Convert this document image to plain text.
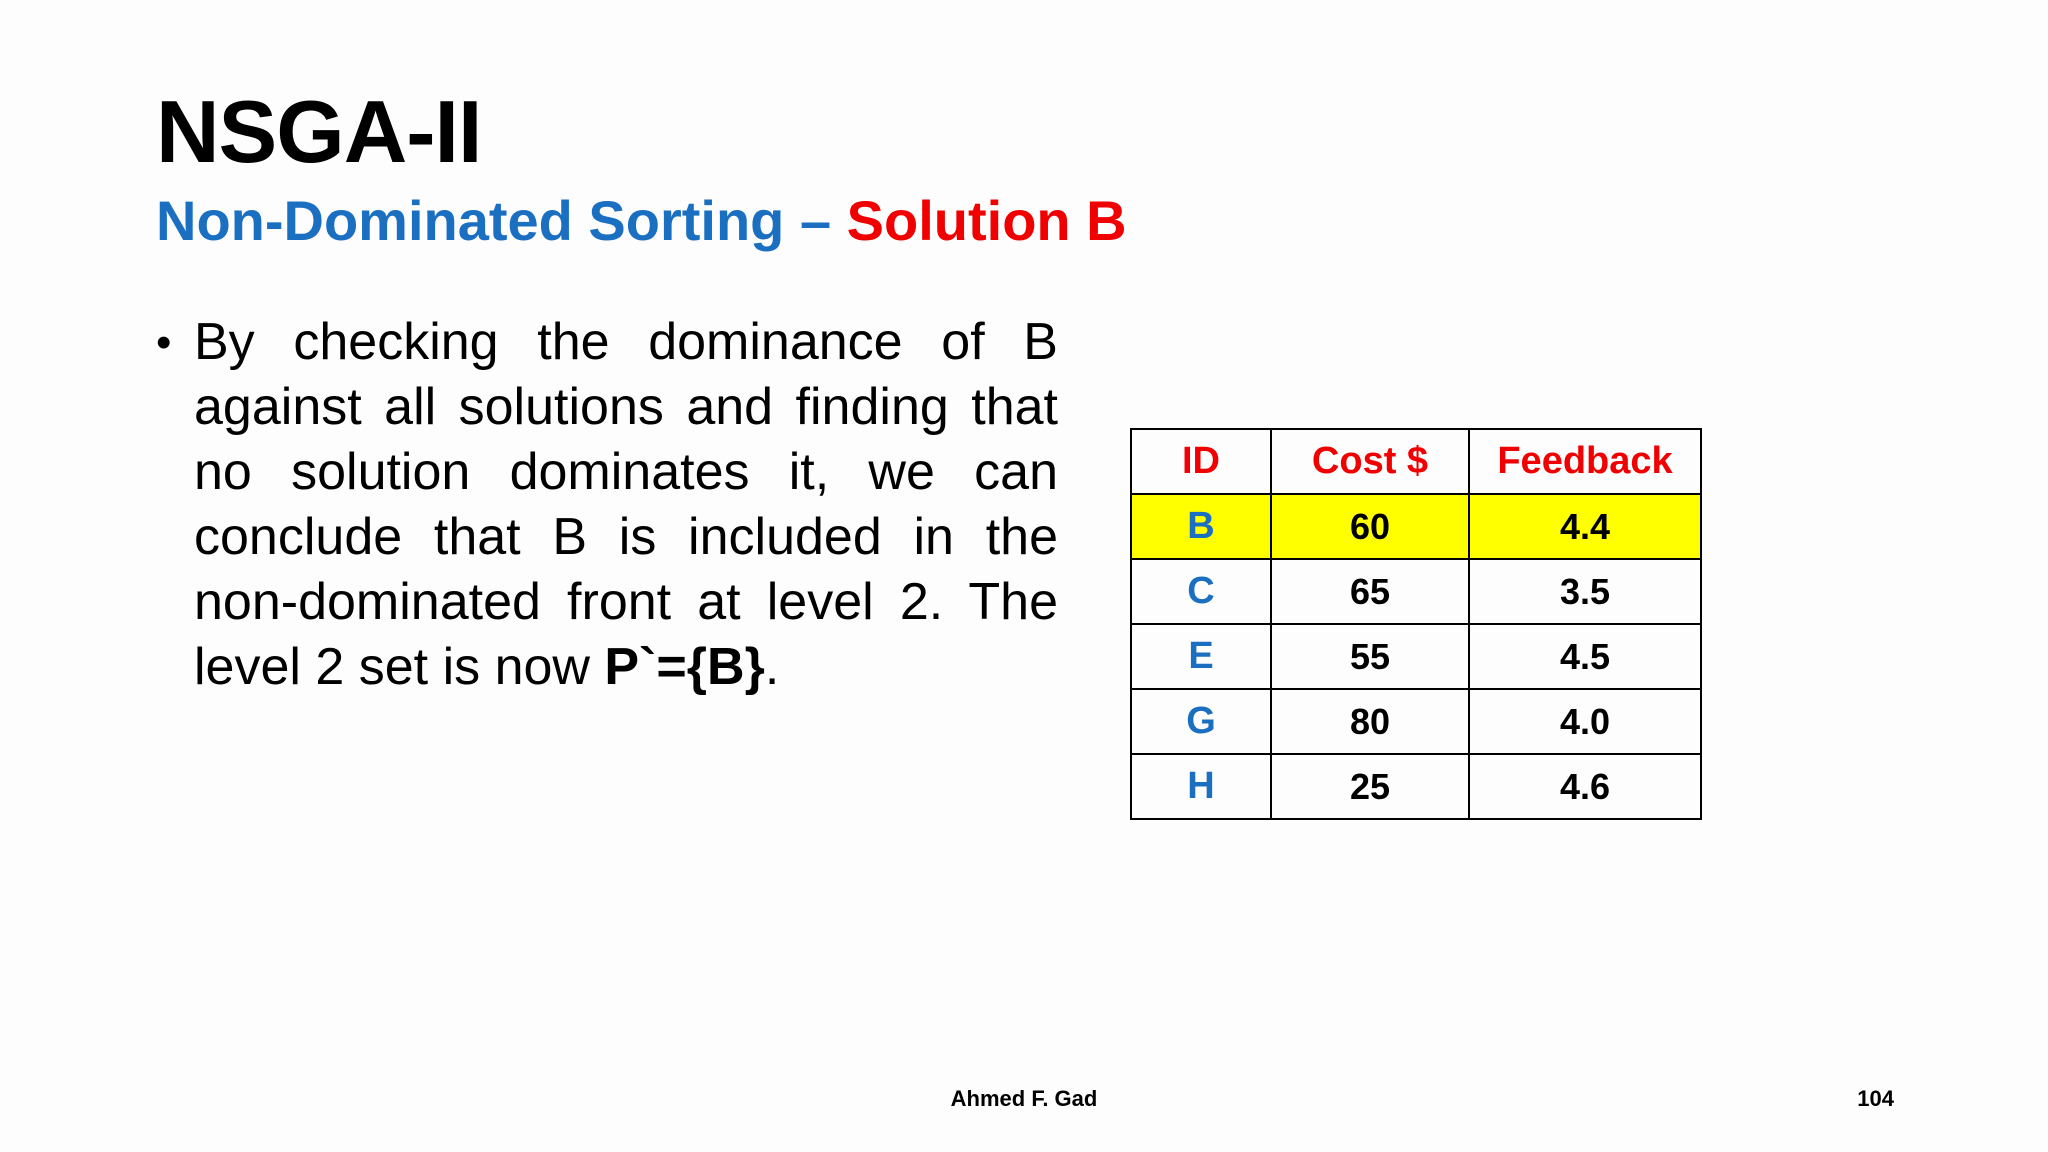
NSGA-II
Non-Dominated Sorting – Solution B
• By checking the dominance of B against all solutions and finding that no solution dominates it, we can conclude that B is included in the non-dominated front at level 2. The level 2 set is now P`={B}.
ID	Cost $	Feedback
B	60	4.4
C	65	3.5
E	55	4.5
G	80	4.0
H	25	4.6
Ahmed F. Gad	104
